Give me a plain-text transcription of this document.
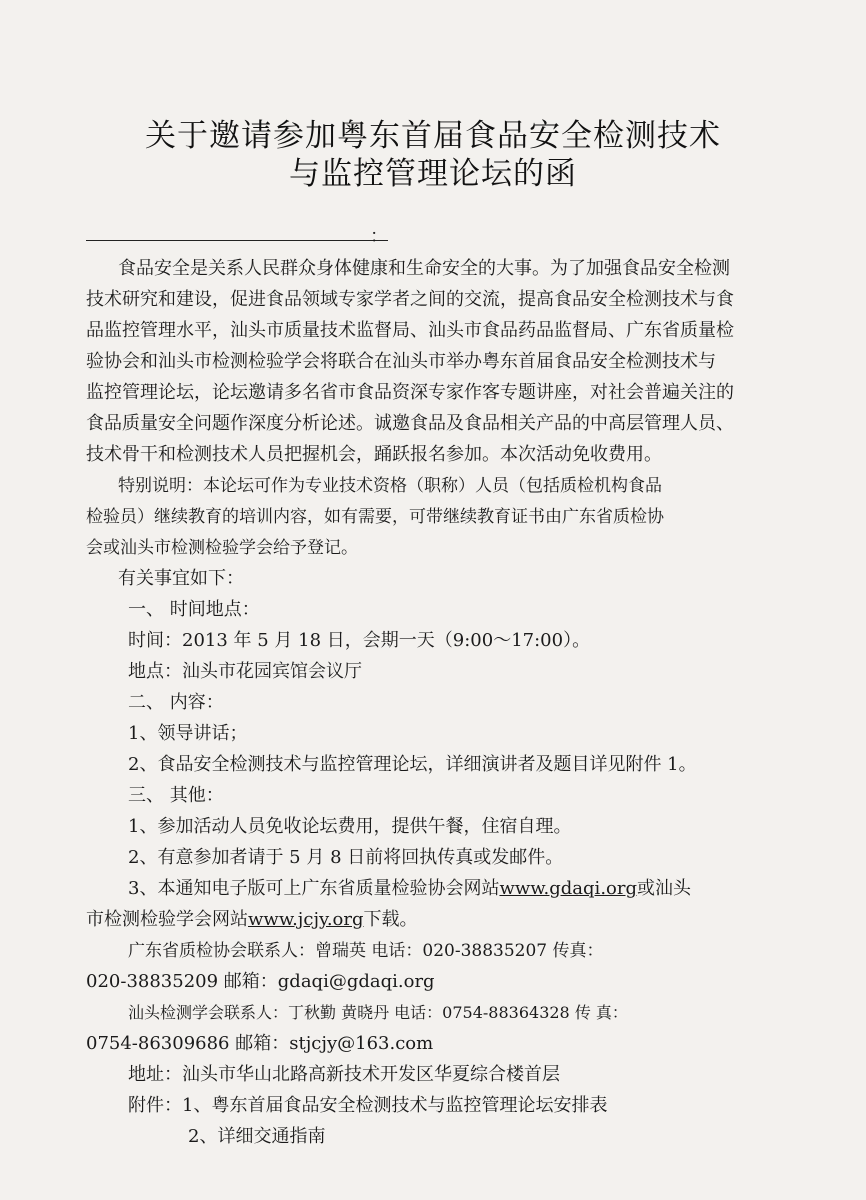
关于邀请参加粤东首届食品安全检测技术
与监控管理论坛的函
：
食品安全是关系人民群众身体健康和生命安全的大事。为了加强食品安全检测
技术研究和建设，促进食品领域专家学者之间的交流，提高食品安全检测技术与食
品监控管理水平，汕头市质量技术监督局、汕头市食品药品监督局、广东省质量检
验协会和汕头市检测检验学会将联合在汕头市举办粤东首届食品安全检测技术与
监控管理论坛，论坛邀请多名省市食品资深专家作客专题讲座，对社会普遍关注的
食品质量安全问题作深度分析论述。诚邀食品及食品相关产品的中高层管理人员、
技术骨干和检测技术人员把握机会，踊跃报名参加。本次活动免收费用。
特别说明：本论坛可作为专业技术资格（职称）人员（包括质检机构食品
检验员）继续教育的培训内容，如有需要，可带继续教育证书由广东省质检协
会或汕头市检测检验学会给予登记。
有关事宜如下：
一、 时间地点：
时间：2013 年 5 月 18 日，会期一天（9:00～17:00）。
地点：汕头市花园宾馆会议厅
二、 内容：
1、领导讲话；
2、食品安全检测技术与监控管理论坛，详细演讲者及题目详见附件 1。
三、 其他：
1、参加活动人员免收论坛费用，提供午餐，住宿自理。
2、有意参加者请于 5 月 8 日前将回执传真或发邮件。
3、本通知电子版可上广东省质量检验协会网站www.gdaqi.org或汕头
市检测检验学会网站www.jcjy.org下载。
广东省质检协会联系人：曾瑞英 电话：020-38835207 传真：
020-38835209 邮箱：gdaqi@gdaqi.org
汕头检测学会联系人：丁秋勤 黄晓丹 电话：0754-88364328 传 真：
0754-86309686 邮箱：stjcjy@163.com
地址：汕头市华山北路高新技术开发区华夏综合楼首层
附件：1、粤东首届食品安全检测技术与监控管理论坛安排表
2、详细交通指南
